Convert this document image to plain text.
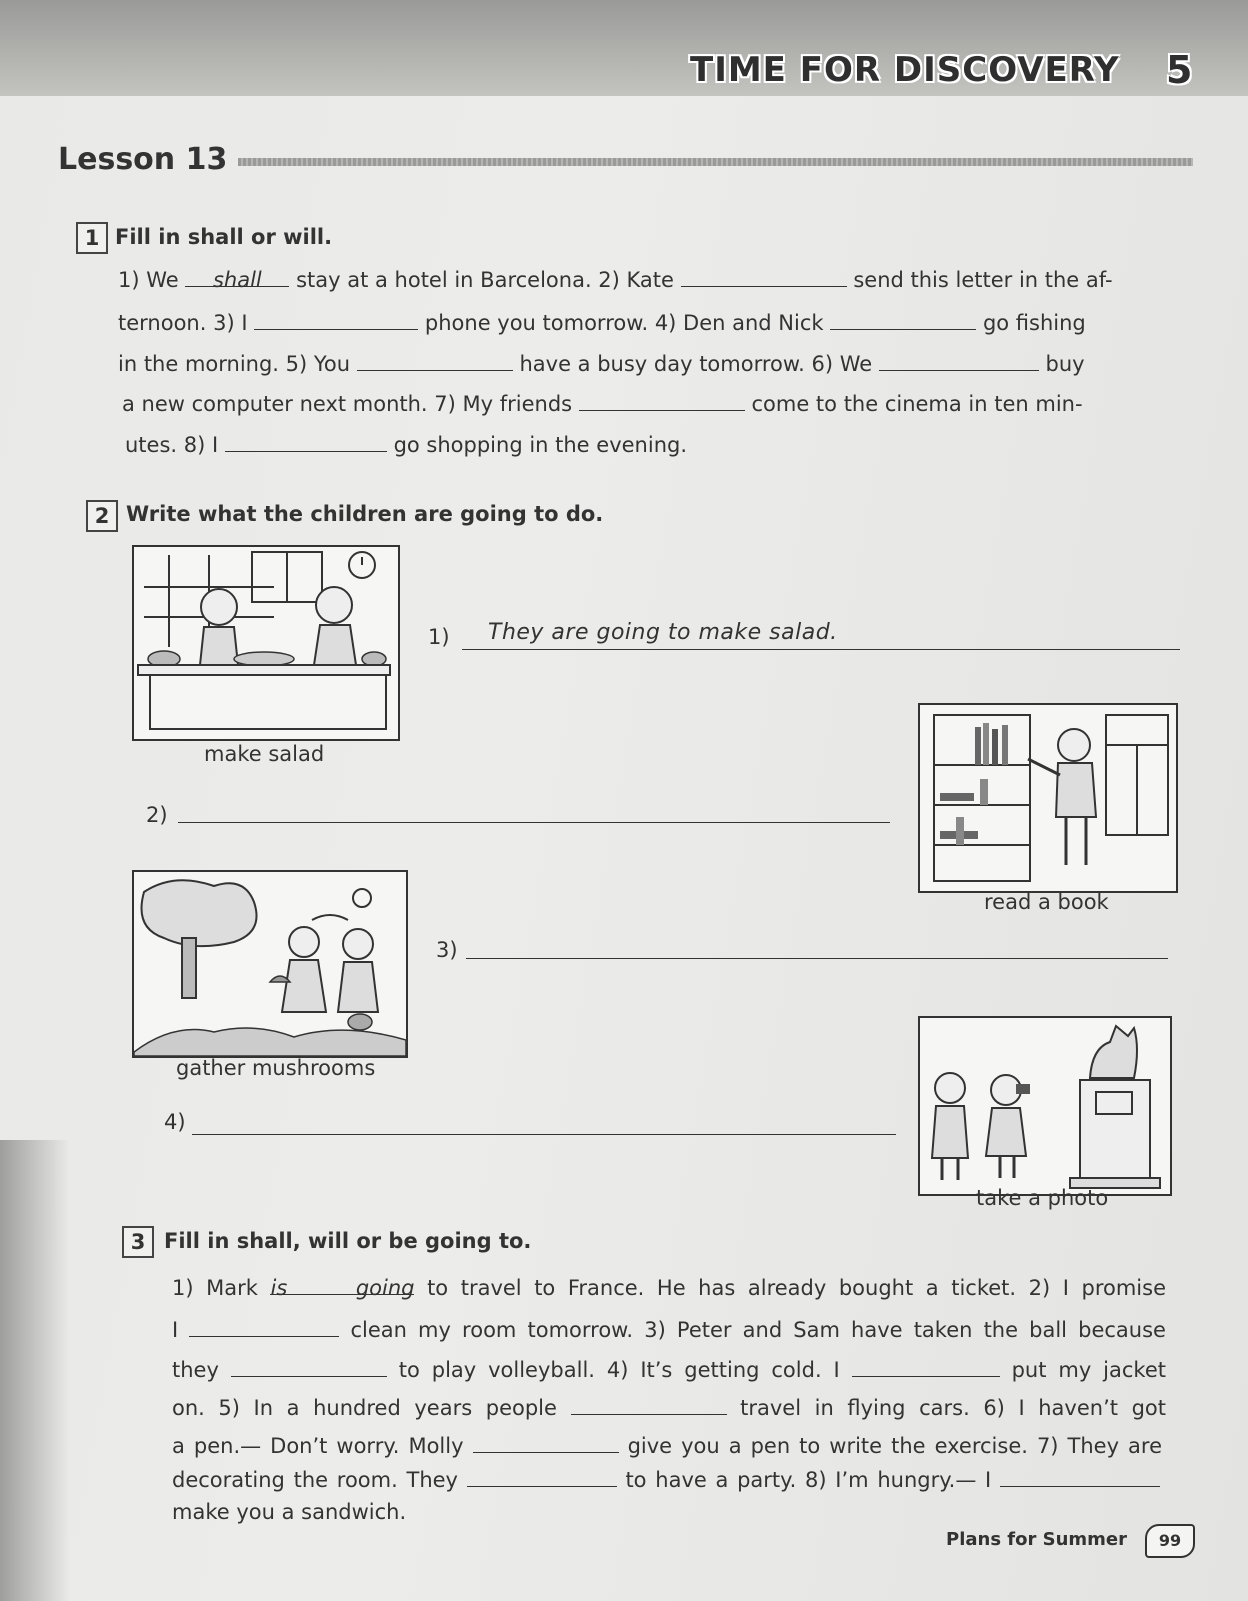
TIME FOR DISCOVERY 5
Lesson 13
1 Fill in shall or will.
1) We shall stay at a hotel in Barcelona. 2) Kate	send this letter in the af-
ternoon. 3) I	phone you tomorrow. 4) Den and Nick	go fishing
in the morning. 5) You	have a busy day tomorrow. 6) We	buy
a new computer next month. 7) My friends	come to the cinema in ten min-
utes. 8) I	go shopping in the evening.
2 Write what the children are going to do.
make salad
1) They are going to make salad.
read a book
2)
gather mushrooms
3)
take a photo
4)
3 Fill in shall, will or be going to.
1) Mark is going to travel to France. He has already bought a ticket. 2) I promise
I	clean my room tomorrow. 3) Peter and Sam have taken the ball because
they	to play volleyball. 4) It’s getting cold. I	put my jacket
on. 5) In a hundred years people	travel in flying cars. 6) I haven’t got
a pen.— Don’t worry. Molly	give you a pen to write the exercise. 7) They are
decorating the room. They	to have a party. 8) I’m hungry.— I
make you a sandwich.
Plans for Summer	99
